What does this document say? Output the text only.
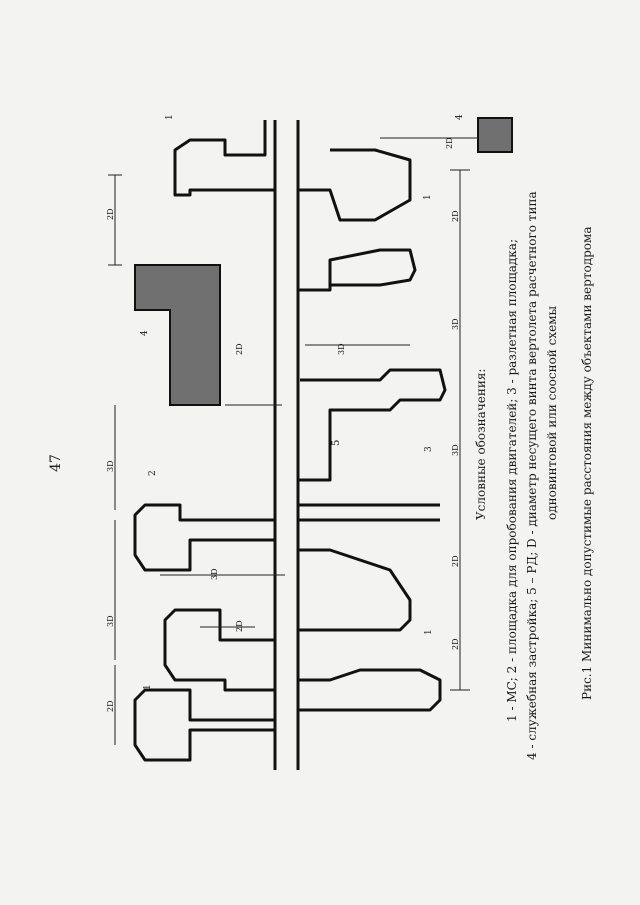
47	Условные обозначения: 1 - МС; 2 - площадка для опробования двигателей; 3 - разлетная площадка; 4 - служебная застройка; 5 – РД; D - диаметр несущего винта вертолета расчетного типа одновинтовой или соосной схемы Рис.1 Минимально допустимые расстояния между объектами вертодрома
1
1
1
1
2
3
4
4
5
2D
3D
3D
2D
2D
3D
2D
2D
2D
3D
3D
2D
2D
3D
